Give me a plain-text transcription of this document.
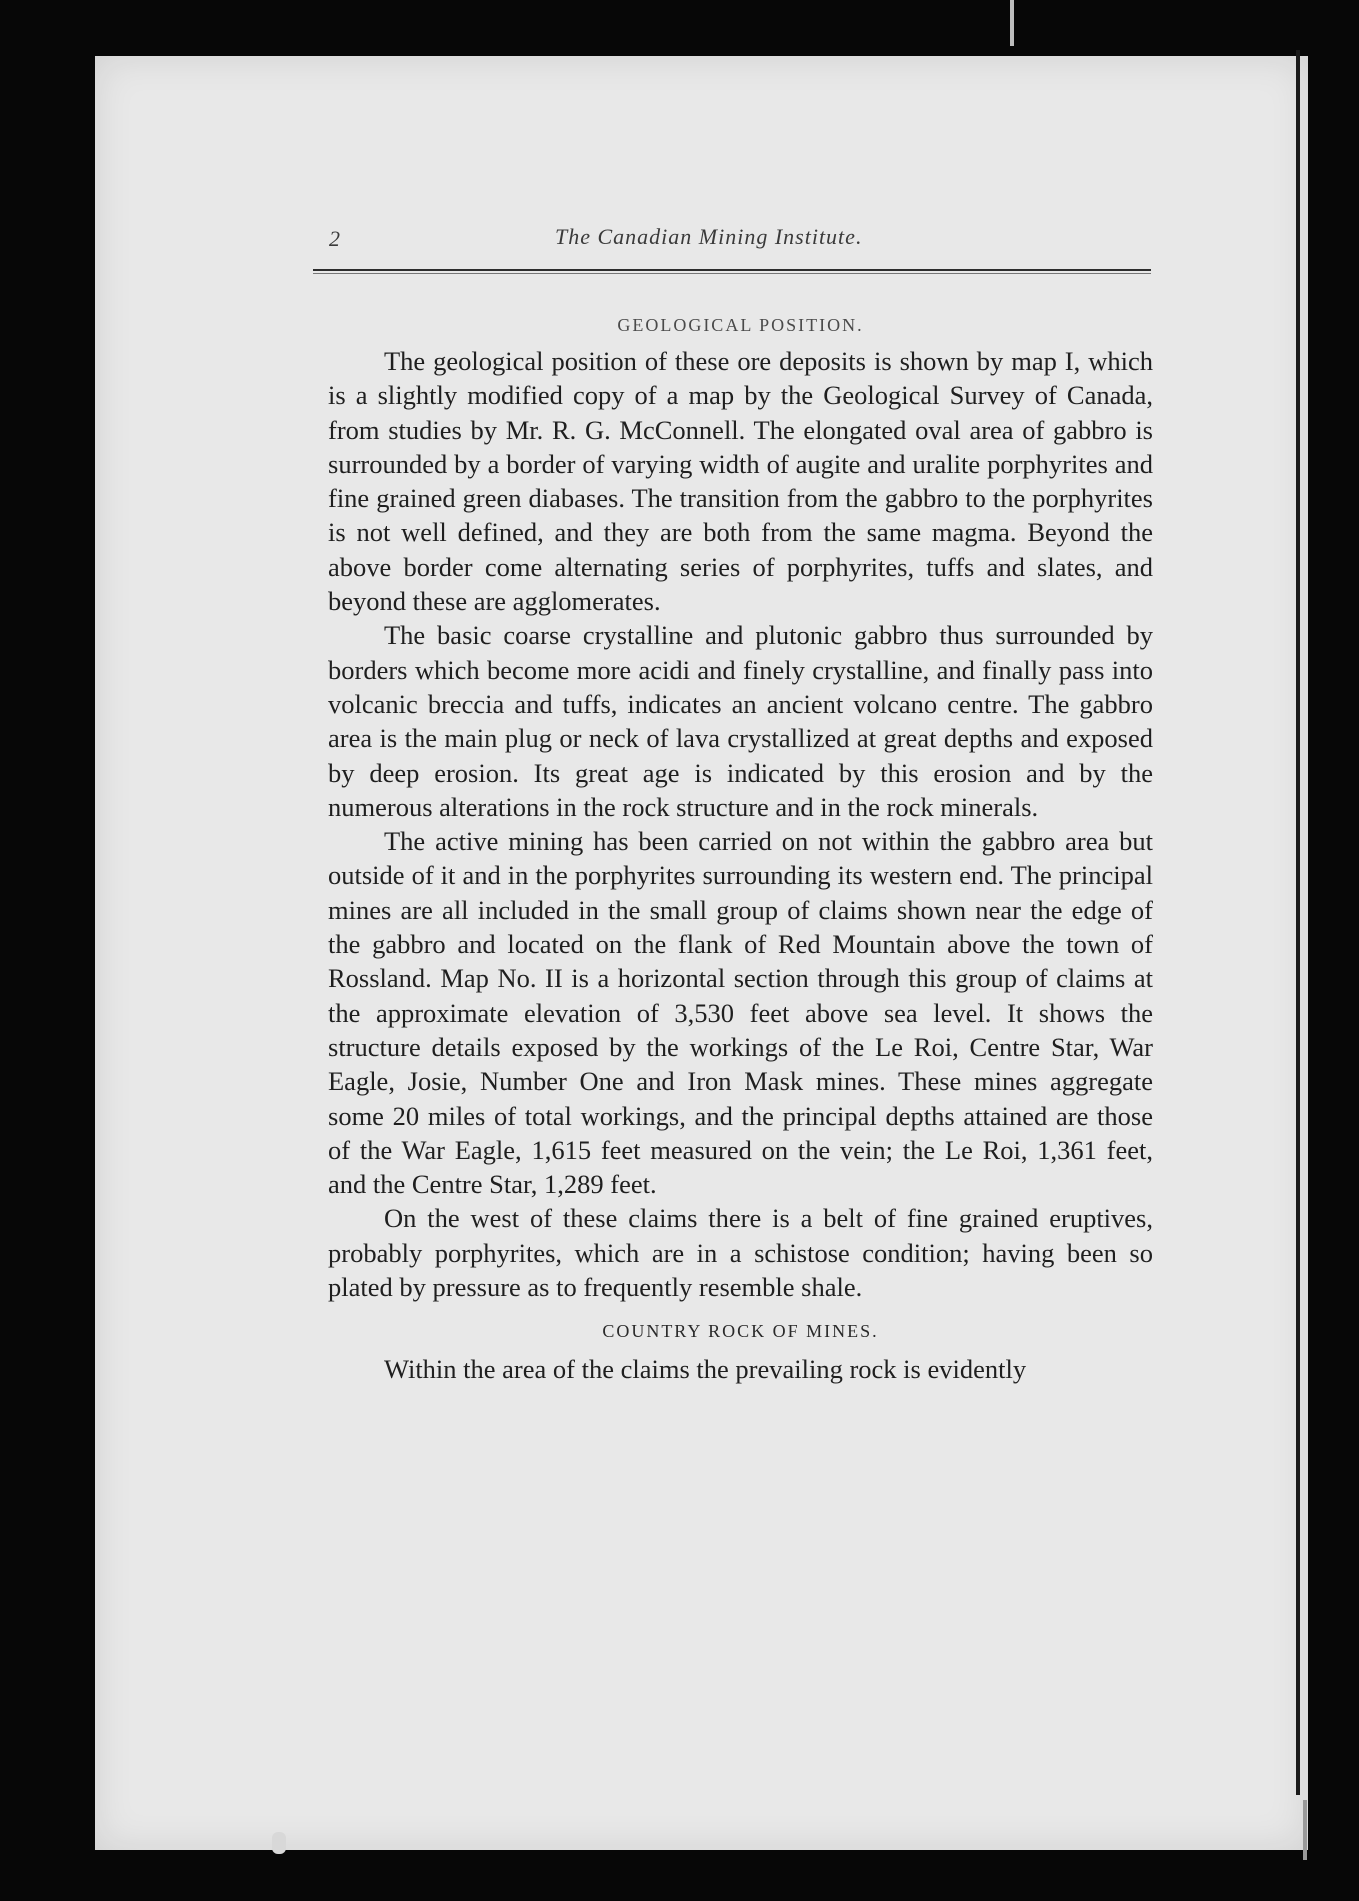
2	The Canadian Mining Institute.
GEOLOGICAL POSITION.

The geological position of these ore deposits is shown by map I, which is a slightly modified copy of a map by the Geological Survey of Canada, from studies by Mr. R. G. McConnell. The elongated oval area of gabbro is surrounded by a border of varying width of augite and uralite porphyrites and fine grained green diabases. The transition from the gabbro to the porphyrites is not well defined, and they are both from the same magma. Beyond the above border come alternating series of porphyrites, tuffs and slates, and beyond these are agglomerates.

The basic coarse crystalline and plutonic gabbro thus surrounded by borders which become more acidi and finely crystalline, and finally pass into volcanic breccia and tuffs, indicates an ancient volcano centre. The gabbro area is the main plug or neck of lava crystallized at great depths and exposed by deep erosion. Its great age is indicated by this erosion and by the numerous alterations in the rock structure and in the rock minerals.

The active mining has been carried on not within the gabbro area but outside of it and in the porphyrites surrounding its western end. The principal mines are all included in the small group of claims shown near the edge of the gabbro and located on the flank of Red Mountain above the town of Rossland. Map No. II is a horizontal section through this group of claims at the approximate elevation of 3,530 feet above sea level. It shows the structure details exposed by the workings of the Le Roi, Centre Star, War Eagle, Josie, Number One and Iron Mask mines. These mines aggregate some 20 miles of total workings, and the principal depths attained are those of the War Eagle, 1,615 feet measured on the vein; the Le Roi, 1,361 feet, and the Centre Star, 1,289 feet.

On the west of these claims there is a belt of fine grained eruptives, probably porphyrites, which are in a schistose condition; having been so plated by pressure as to frequently resemble shale.

COUNTRY ROCK OF MINES.

Within the area of the claims the prevailing rock is evidently
